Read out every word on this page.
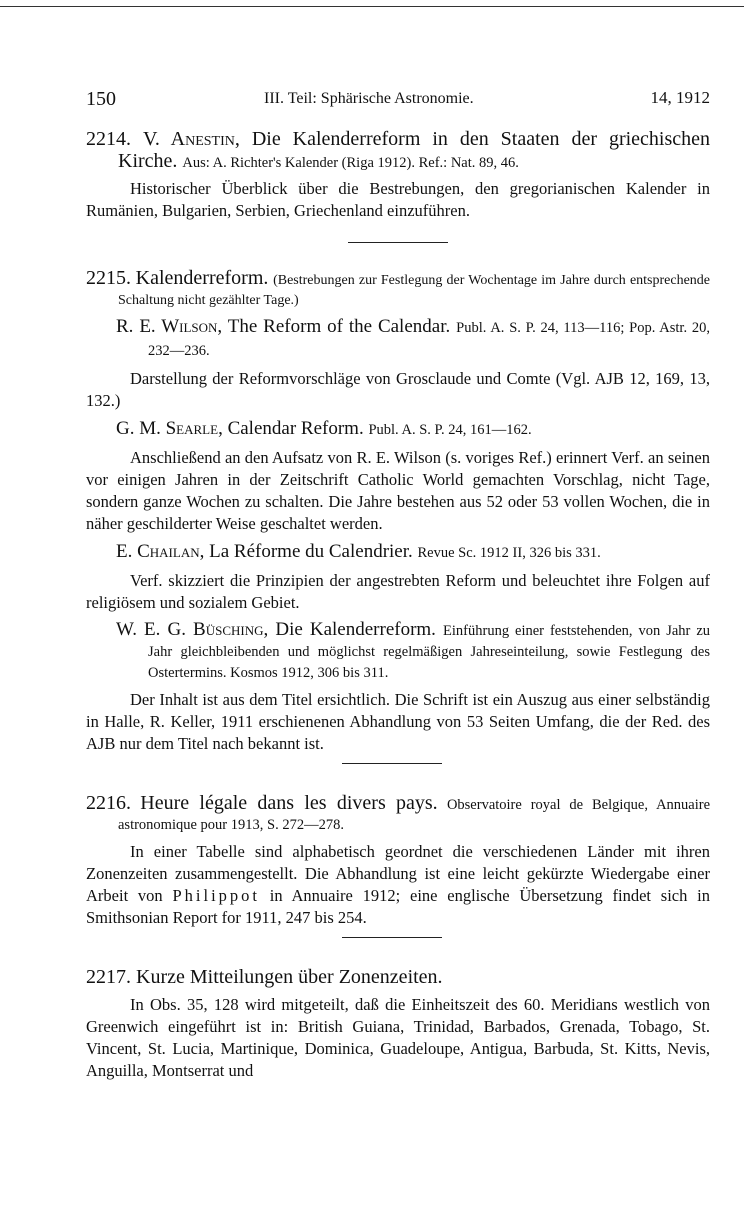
150	III. Teil: Sphärische Astronomie.	14, 1912

2214. V. Anestin, Die Kalenderreform in den Staaten der griechischen Kirche. Aus: A. Richter's Kalender (Riga 1912). Ref.: Nat. 89, 46.

Historischer Überblick über die Bestrebungen, den gregorianischen Kalender in Rumänien, Bulgarien, Serbien, Griechenland einzuführen.

2215. Kalenderreform. (Bestrebungen zur Festlegung der Wochentage im Jahre durch entsprechende Schaltung nicht gezählter Tage.)

R. E. Wilson, The Reform of the Calendar. Publ. A. S. P. 24, 113—116; Pop. Astr. 20, 232—236.

Darstellung der Reformvorschläge von Grosclaude und Comte (Vgl. AJB 12, 169, 13, 132.)

G. M. Searle, Calendar Reform. Publ. A. S. P. 24, 161—162.

Anschließend an den Aufsatz von R. E. Wilson (s. voriges Ref.) erinnert Verf. an seinen vor einigen Jahren in der Zeitschrift Catholic World gemachten Vorschlag, nicht Tage, sondern ganze Wochen zu schalten. Die Jahre bestehen aus 52 oder 53 vollen Wochen, die in näher geschilderter Weise geschaltet werden.

E. Chailan, La Réforme du Calendrier. Revue Sc. 1912 II, 326 bis 331.

Verf. skizziert die Prinzipien der angestrebten Reform und beleuchtet ihre Folgen auf religiösem und sozialem Gebiet.

W. E. G. Büsching, Die Kalenderreform. Einführung einer feststehenden, von Jahr zu Jahr gleichbleibenden und möglichst regelmäßigen Jahreseinteilung, sowie Festlegung des Ostertermins. Kosmos 1912, 306 bis 311.

Der Inhalt ist aus dem Titel ersichtlich. Die Schrift ist ein Auszug aus einer selbständig in Halle, R. Keller, 1911 erschienenen Abhandlung von 53 Seiten Umfang, die der Red. des AJB nur dem Titel nach bekannt ist.

2216. Heure légale dans les divers pays. Observatoire royal de Belgique, Annuaire astronomique pour 1913, S. 272—278.

In einer Tabelle sind alphabetisch geordnet die verschiedenen Länder mit ihren Zonenzeiten zusammengestellt. Die Abhandlung ist eine leicht gekürzte Wiedergabe einer Arbeit von Philippot in Annuaire 1912; eine englische Übersetzung findet sich in Smithsonian Report for 1911, 247 bis 254.

2217. Kurze Mitteilungen über Zonenzeiten.

In Obs. 35, 128 wird mitgeteilt, daß die Einheitszeit des 60. Meridians westlich von Greenwich eingeführt ist in: British Guiana, Trinidad, Barbados, Grenada, Tobago, St. Vincent, St. Lucia, Martinique, Dominica, Guadeloupe, Antigua, Barbuda, St. Kitts, Nevis, Anguilla, Montserrat und
